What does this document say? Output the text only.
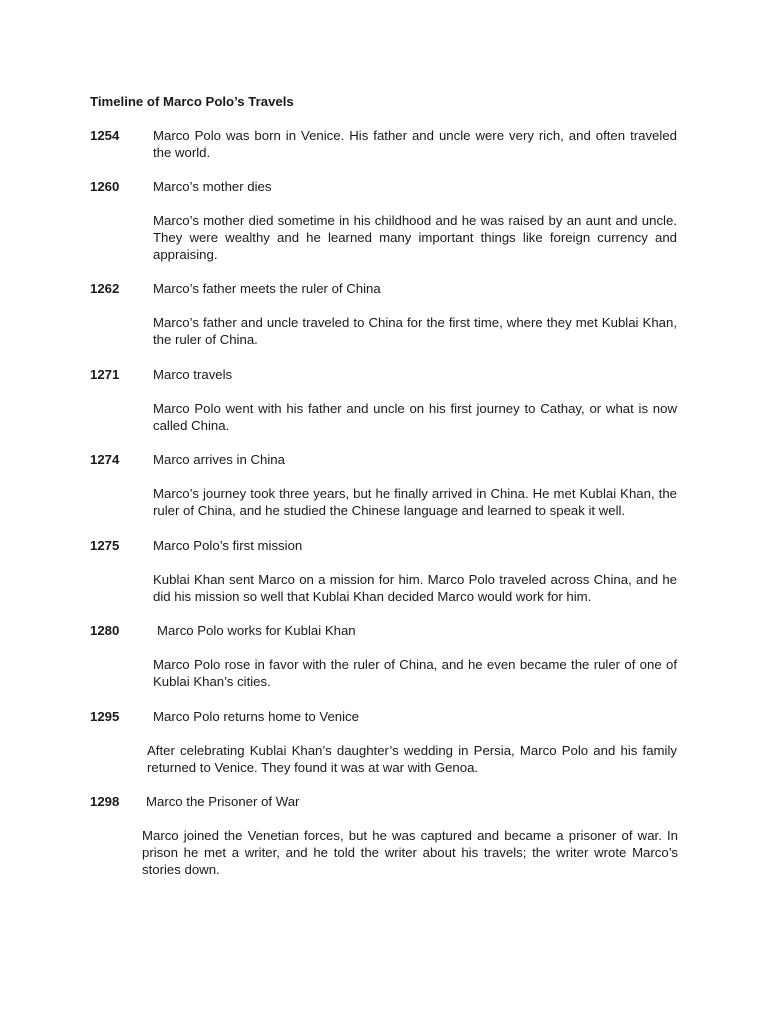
Timeline of Marco Polo’s Travels
1254	Marco Polo was born in Venice. His father and uncle were very rich, and often traveled the world.

1260	Marco’s mother dies

Marco’s mother died sometime in his childhood and he was raised by an aunt and uncle. They were wealthy and he learned many important things like foreign currency and appraising.

1262	Marco’s father meets the ruler of China

Marco’s father and uncle traveled to China for the first time, where they met Kublai Khan, the ruler of China.

1271	Marco travels

Marco Polo went with his father and uncle on his first journey to Cathay, or what is now called China.

1274	Marco arrives in China

Marco’s journey took three years, but he finally arrived in China. He met Kublai Khan, the ruler of China, and he studied the Chinese language and learned to speak it well.

1275	Marco Polo’s first mission

Kublai Khan sent Marco on a mission for him. Marco Polo traveled across China, and he did his mission so well that Kublai Khan decided Marco would work for him.

1280	Marco Polo works for Kublai Khan

Marco Polo rose in favor with the ruler of China, and he even became the ruler of one of Kublai Khan’s cities.

1295	Marco Polo returns home to Venice

After celebrating Kublai Khan’s daughter’s wedding in Persia, Marco Polo and his family returned to Venice. They found it was at war with Genoa.

1298 Marco the Prisoner of War

Marco joined the Venetian forces, but he was captured and became a prisoner of war. In prison he met a writer, and he told the writer about his travels; the writer wrote Marco’s stories down.
